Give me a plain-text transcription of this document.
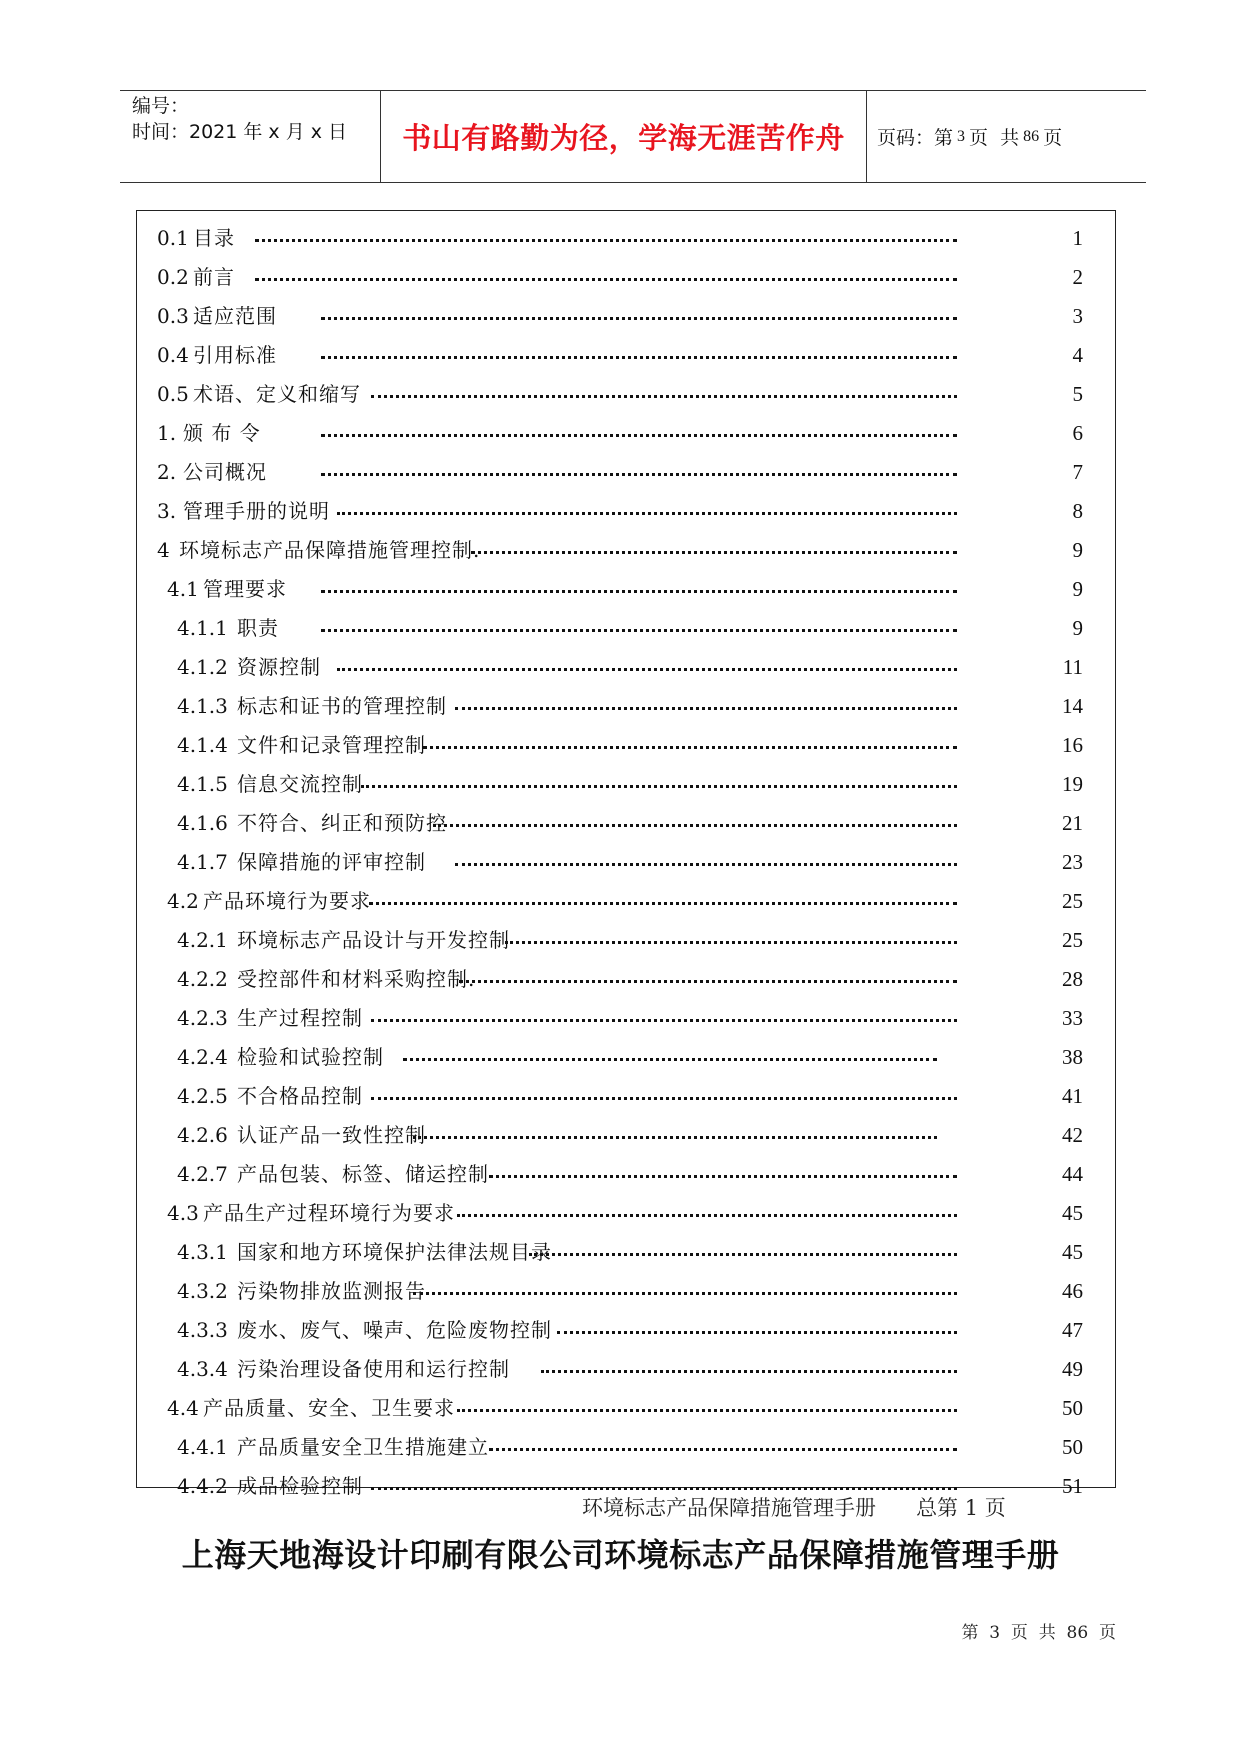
编号：
时间：2021 年 x 月 x 日	书山有路勤为径，学海无涯苦作舟	页码：第 3 页  共 86 页
0.1 目录	1
0.2 前言	2
0.3 适应范围	3
0.4 引用标准	4
0.5 术语、定义和缩写	5
1. 颁 布 令	6
2. 公司概况	7
3. 管理手册的说明	8
4 环境标志产品保障措施管理控制.	9
4.1 管理要求	9
4.1.1 职责	9
4.1.2 资源控制	11
4.1.3 标志和证书的管理控制	14
4.1.4 文件和记录管理控制	16
4.1.5 信息交流控制	19
4.1.6 不符合、纠正和预防控	21
4.1.7 保障措施的评审控制	23
4.2 产品环境行为要求	25
4.2.1 环境标志产品设计与开发控制	25
4.2.2 受控部件和材料采购控制.	28
4.2.3 生产过程控制	33
4.2.4 检验和试验控制	38
4.2.5 不合格品控制	41
4.2.6 认证产品一致性控制	42
4.2.7 产品包装、标签、储运控制	44
4.3 产品生产过程环境行为要求	45
4.3.1 国家和地方环境保护法律法规目录	45
4.3.2 污染物排放监测报告	46
4.3.3 废水、废气、噪声、危险废物控制	47
4.3.4 污染治理设备使用和运行控制	49
4.4 产品质量、安全、卫生要求	50
4.4.1 产品质量安全卫生措施建立	50
4.4.2 成品检验控制	51
环境标志产品保障措施管理手册 总第 1 页
上海天地海设计印刷有限公司环境标志产品保障措施管理手册
第  3  页  共  86  页
